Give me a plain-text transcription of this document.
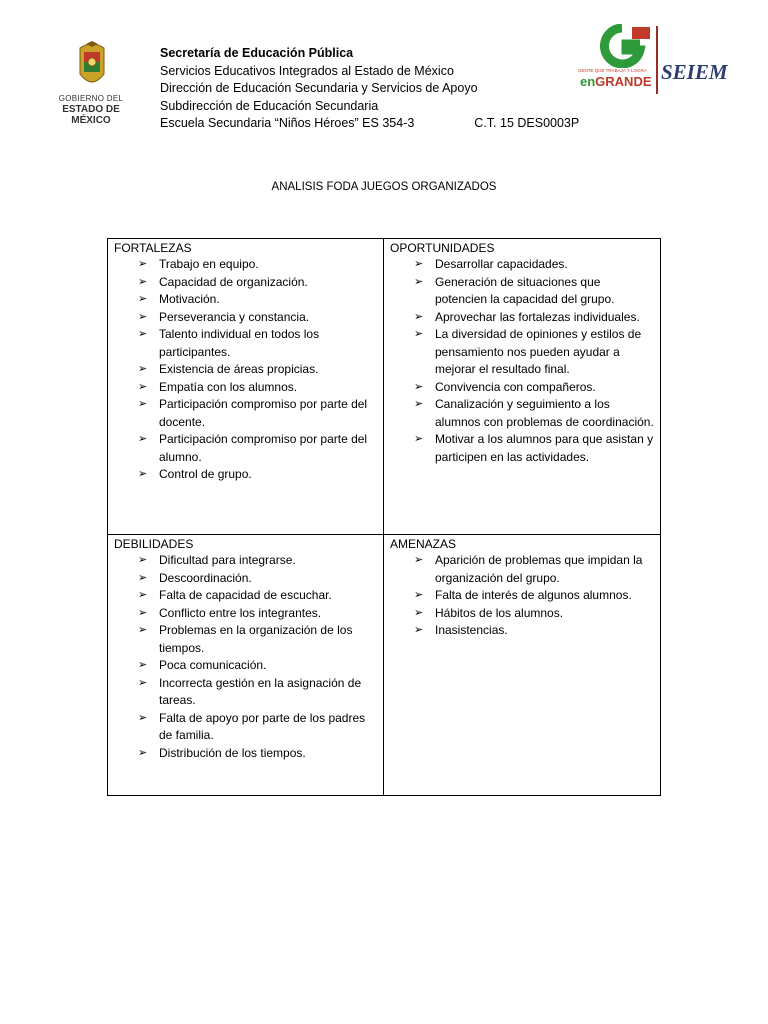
GOBIERNO DEL
ESTADO DE MÉXICO
Secretaría de Educación Pública
Servicios Educativos Integrados al Estado de México
Dirección de Educación Secundaria y Servicios de Apoyo
Subdirección de Educación Secundaria
Escuela Secundaria “Niños Héroes” ES 354-3	C.T. 15 DES0003P
GENTE QUE TRABAJA Y LOGRA
enGRANDE SEIEM
ANALISIS FODA JUEGOS ORGANIZADOS
FORTALEZAS
➢ Trabajo en equipo.
➢ Capacidad de organización.
➢ Motivación.
➢ Perseverancia y constancia.
➢ Talento individual en todos los participantes.
➢ Existencia de áreas propicias.
➢ Empatía con los alumnos.
➢ Participación compromiso por parte del docente.
➢ Participación compromiso por parte del alumno.
➢ Control de grupo.
OPORTUNIDADES
➢ Desarrollar capacidades.
➢ Generación de situaciones que potencien la capacidad del grupo.
➢ Aprovechar las fortalezas individuales.
➢ La diversidad de opiniones y estilos de pensamiento nos pueden ayudar a mejorar el resultado final.
➢ Convivencia con compañeros.
➢ Canalización y seguimiento a los alumnos con problemas de coordinación.
➢ Motivar a los alumnos para que asistan y participen en las actividades.
DEBILIDADES
➢ Dificultad para integrarse.
➢ Descoordinación.
➢ Falta de capacidad de escuchar.
➢ Conflicto entre los integrantes.
➢ Problemas en la organización de los tiempos.
➢ Poca comunicación.
➢ Incorrecta gestión en la asignación de tareas.
➢ Falta de apoyo por parte de los padres de familia.
➢ Distribución de los tiempos.
AMENAZAS
➢ Aparición de problemas que impidan la organización del grupo.
➢ Falta de interés de algunos alumnos.
➢ Hábitos de los alumnos.
➢ Inasistencias.
